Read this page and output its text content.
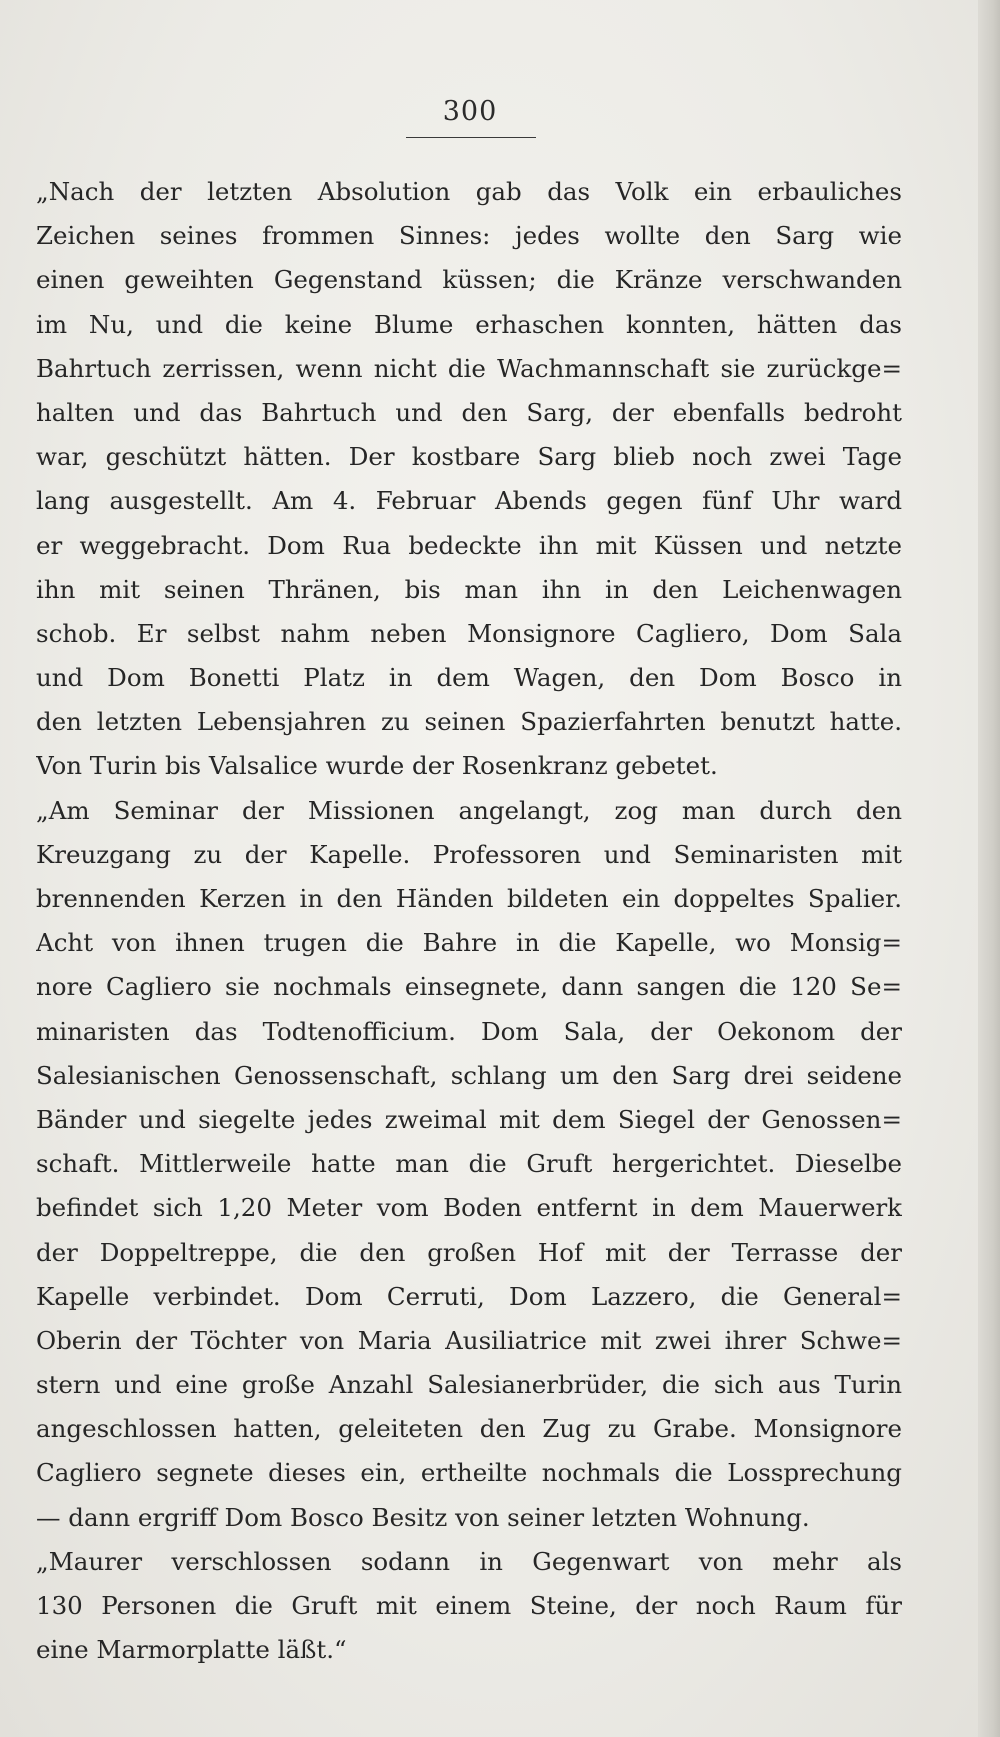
300
„Nach der letzten Absolution gab das Volk ein erbauliches
Zeichen seines frommen Sinnes: jedes wollte den Sarg wie
einen geweihten Gegenstand küssen; die Kränze verschwanden
im Nu, und die keine Blume erhaschen konnten, hätten das
Bahrtuch zerrissen, wenn nicht die Wachmannschaft sie zurückge=
halten und das Bahrtuch und den Sarg, der ebenfalls bedroht
war, geschützt hätten. Der kostbare Sarg blieb noch zwei Tage
lang ausgestellt. Am 4. Februar Abends gegen fünf Uhr ward
er weggebracht. Dom Rua bedeckte ihn mit Küssen und netzte
ihn mit seinen Thränen, bis man ihn in den Leichenwagen
schob. Er selbst nahm neben Monsignore Cagliero, Dom Sala
und Dom Bonetti Platz in dem Wagen, den Dom Bosco in
den letzten Lebensjahren zu seinen Spazierfahrten benutzt hatte.
Von Turin bis Valsalice wurde der Rosenkranz gebetet.
„Am Seminar der Missionen angelangt, zog man durch den
Kreuzgang zu der Kapelle. Professoren und Seminaristen mit
brennenden Kerzen in den Händen bildeten ein doppeltes Spalier.
Acht von ihnen trugen die Bahre in die Kapelle, wo Monsig=
nore Cagliero sie nochmals einsegnete, dann sangen die 120 Se=
minaristen das Todtenofficium. Dom Sala, der Oekonom der
Salesianischen Genossenschaft, schlang um den Sarg drei seidene
Bänder und siegelte jedes zweimal mit dem Siegel der Genossen=
schaft. Mittlerweile hatte man die Gruft hergerichtet. Dieselbe
befindet sich 1,20 Meter vom Boden entfernt in dem Mauerwerk
der Doppeltreppe, die den großen Hof mit der Terrasse der
Kapelle verbindet. Dom Cerruti, Dom Lazzero, die General=
Oberin der Töchter von Maria Ausiliatrice mit zwei ihrer Schwe=
stern und eine große Anzahl Salesianerbrüder, die sich aus Turin
angeschlossen hatten, geleiteten den Zug zu Grabe. Monsignore
Cagliero segnete dieses ein, ertheilte nochmals die Lossprechung
— dann ergriff Dom Bosco Besitz von seiner letzten Wohnung.
„Maurer verschlossen sodann in Gegenwart von mehr als
130 Personen die Gruft mit einem Steine, der noch Raum für
eine Marmorplatte läßt.“
